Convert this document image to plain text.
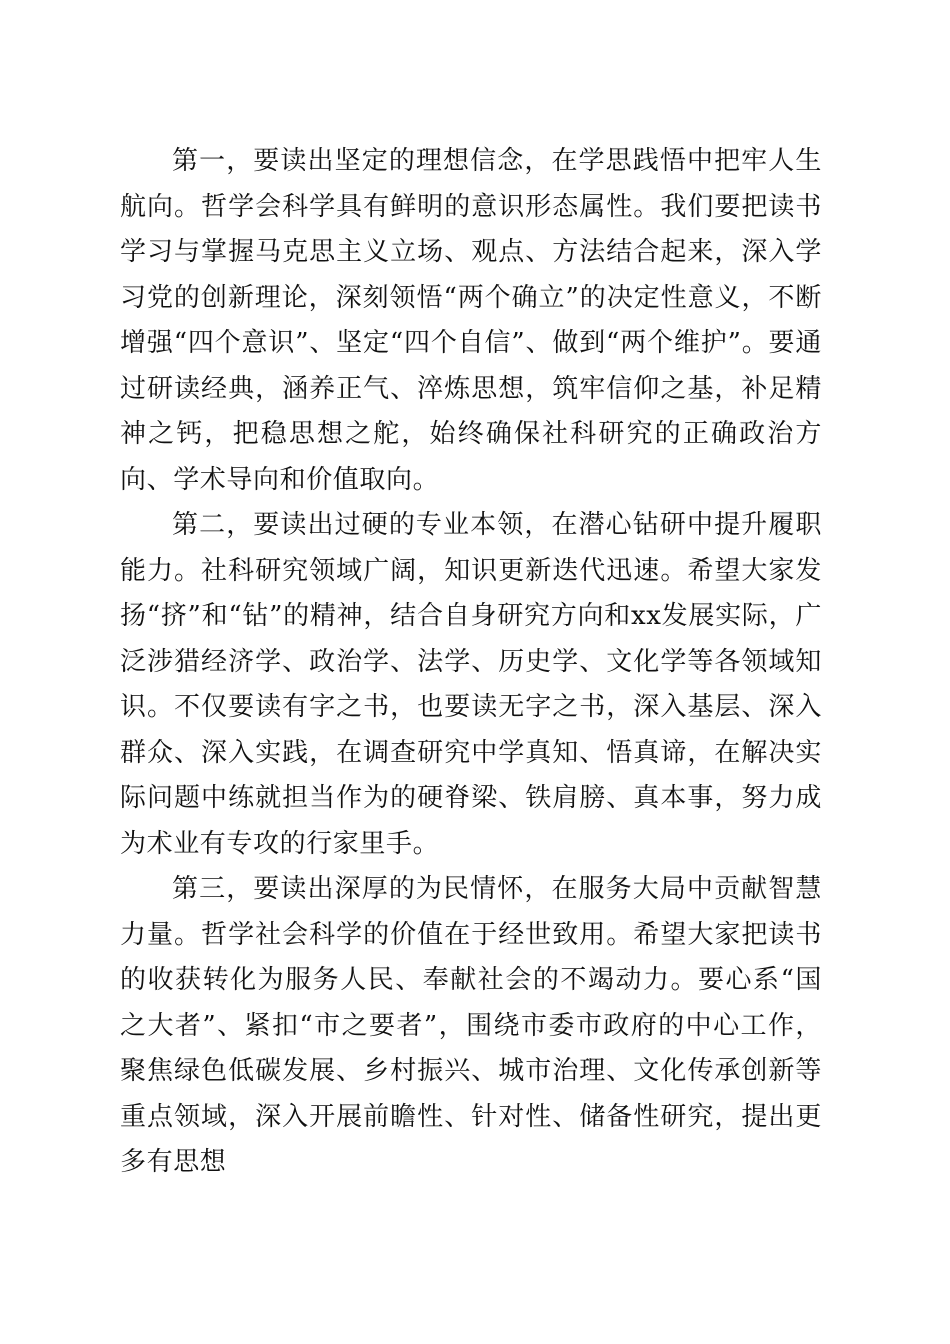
第一，要读出坚定的理想信念，在学思践悟中把牢人生航向。哲学会科学具有鲜明的意识形态属性。我们要把读书学习与掌握马克思主义立场、观点、方法结合起来，深入学习党的创新理论，深刻领悟“两个确立”的决定性意义，不断增强“四个意识”、坚定“四个自信”、做到“两个维护”。要通过研读经典，涵养正气、淬炼思想，筑牢信仰之基，补足精神之钙，把稳思想之舵，始终确保社科研究的正确政治方向、学术导向和价值取向。

第二，要读出过硬的专业本领，在潜心钻研中提升履职能力。社科研究领域广阔，知识更新迭代迅速。希望大家发扬“挤”和“钻”的精神，结合自身研究方向和xx发展实际，广泛涉猎经济学、政治学、法学、历史学、文化学等各领域知识。不仅要读有字之书，也要读无字之书，深入基层、深入群众、深入实践，在调查研究中学真知、悟真谛，在解决实际问题中练就担当作为的硬脊梁、铁肩膀、真本事，努力成为术业有专攻的行家里手。

第三，要读出深厚的为民情怀，在服务大局中贡献智慧力量。哲学社会科学的价值在于经世致用。希望大家把读书的收获转化为服务人民、奉献社会的不竭动力。要心系“国之大者”、紧扣“市之要者”，围绕市委市政府的中心工作，聚焦绿色低碳发展、乡村振兴、城市治理、文化传承创新等重点领域，深入开展前瞻性、针对性、储备性研究，提出更多有思想
